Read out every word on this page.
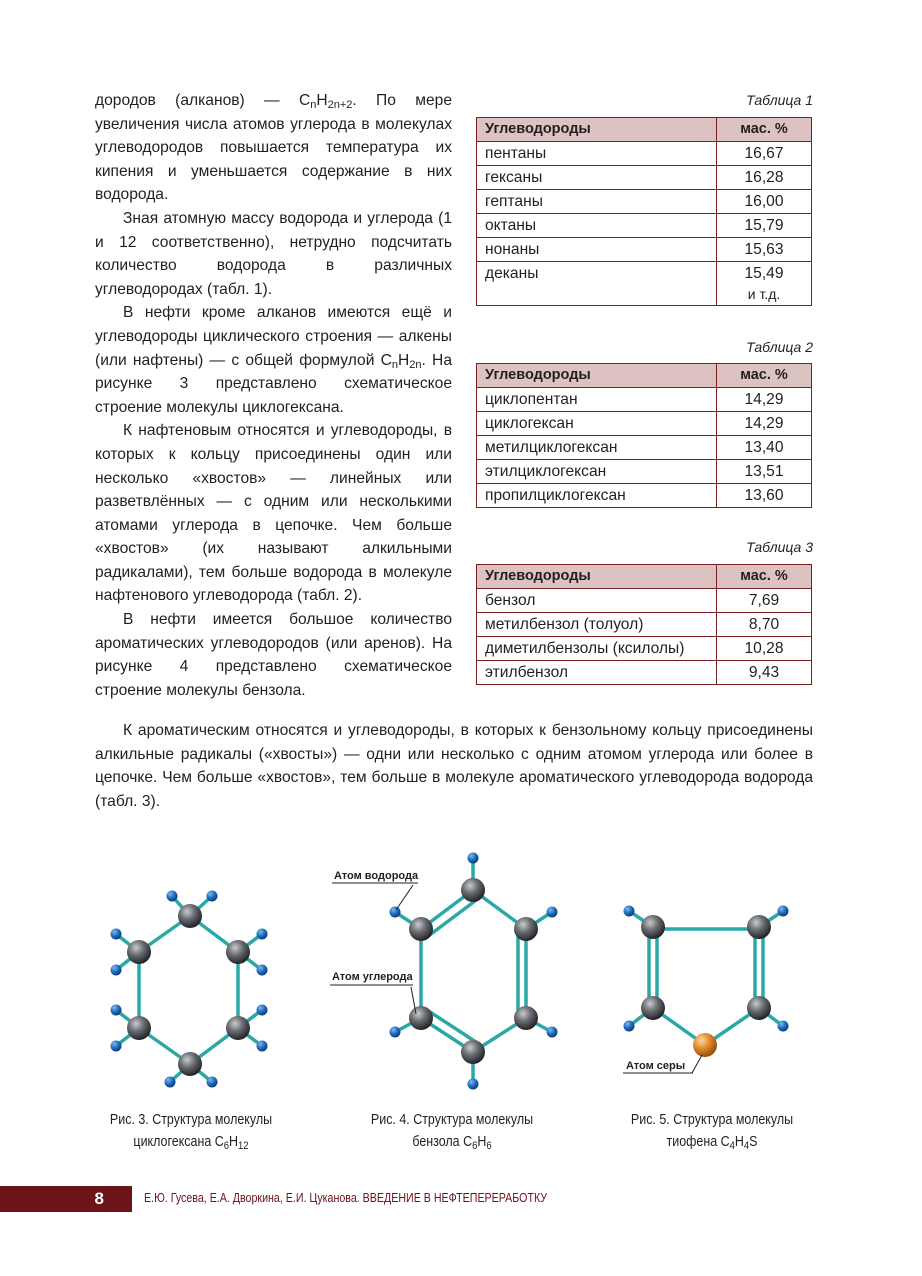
дородов (алканов) — $C_nH_{2n+2}$. По мере увеличения числа атомов углерода в молекулах углеводородов повышается температура их кипения и уменьшается содержание в них водорода.

Зная атомную массу водорода и углерода (1 и 12 соответственно), нетрудно подсчитать количество водорода в различных углеводородах (табл. 1).

В нефти кроме алканов имеются ещё и углеводороды циклического строения — алкены (или нафтены) — с общей формулой $C_nH_{2n}$. На рисунке 3 представлено схематическое строение молекулы циклогексана.

К нафтеновым относятся и углеводороды, в которых к кольцу присоединены один или несколько «хвостов» — линейных или разветвлённых — с одним или несколькими атомами углерода в цепочке. Чем больше «хвостов» (их называют алкильными радикалами), тем больше водорода в молекуле нафтенового углеводорода (табл. 2).

В нефти имеется большое количество ароматических углеводородов (или аренов). На рисунке 4 представлено схематическое строение молекулы бензола.

К ароматическим относятся и углеводороды, в которых к бензольному кольцу присоединены алкильные радикалы («хвосты») — одни или несколько с одним атомом углерода или более в цепочке. Чем больше «хвостов», тем больше в молекуле ароматического углеводорода водорода (табл. 3).

Таблица 1
Углеводороды	мас. %
пентаны	16,67
гексаны	16,28
гептаны	16,00
октаны	15,79
нонаны	15,63
деканы	15,49
и т.д.
Таблица 2
Углеводороды	мас. %
циклопентан	14,29
циклогексан	14,29
метилциклогексан	13,40
этилциклогексан	13,51
пропилциклогексан	13,60
Таблица 3
Углеводороды	мас. %
бензол	7,69
метилбензол (толуол)	8,70
диметилбензолы (ксилолы)	10,28
этилбензол	9,43
Атом водорода
Атом углерода
Атом серы
Рис. 3. Структура молекулы
циклогексана $C_6H_{12}$
Рис. 4. Структура молекулы
бензола $C_6H_6$
Рис. 5. Структура молекулы
тиофена $C_4H_4S$
8	Е.Ю. Гусева, Е.А. Дворкина, Е.И. Цуканова. ВВЕДЕНИЕ В НЕФТЕПЕРЕРАБОТКУ
